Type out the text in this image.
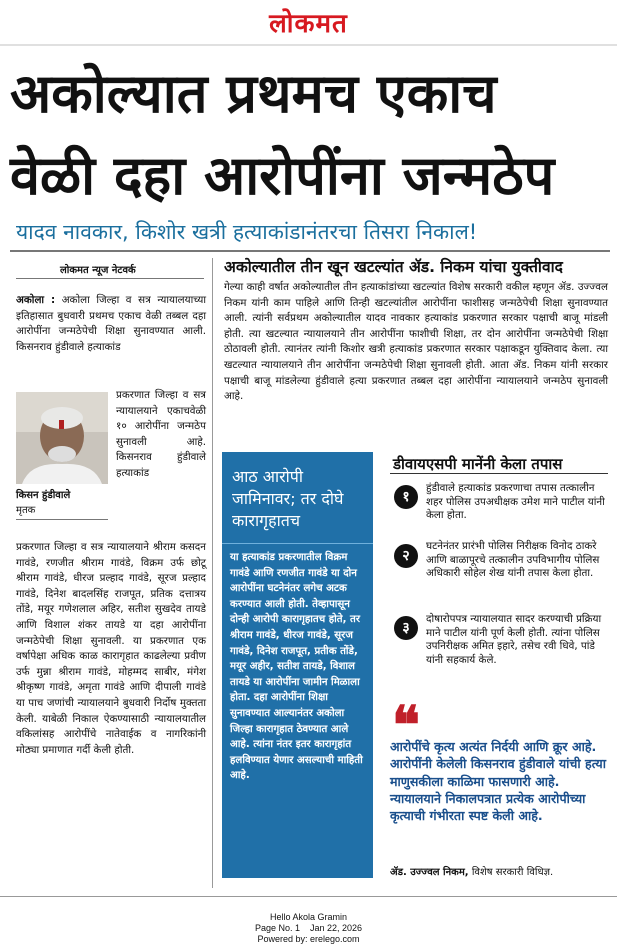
लोकमत
अकोल्यात प्रथमच एकाच
वेळी दहा आरोपींना जन्मठेप
यादव नावकार, किशोर खत्री हत्याकांडानंतरचा तिसरा निकाल!
लोकमत न्यूज नेटवर्क
अकोला : अकोला जिल्हा व सत्र न्यायालयाच्या इतिहासात बुधवारी प्रथमच एकाच वेळी तब्बल दहा आरोपींना जन्मठेपेची शिक्षा सुनावण्यात आली. किसनराव हुंडीवाले हत्याकांड
प्रकरणात जिल्हा व सत्र न्यायालयाने एकाचवेळी १० आरोपींना जन्मठेप सुनावली आहे. किसनराव हुंडीवाले हत्याकांड
किसन हुंडीवाले
मृतक
प्रकरणात जिल्हा व सत्र न्यायालयाने श्रीराम कसदन गावंडे, रणजीत श्रीराम गावंडे, विक्रम उर्फ छोटू श्रीराम गावंडे, धीरज प्रल्हाद गावंडे, सूरज प्रल्हाद गावंडे, दिनेश बादलसिंह राजपूत, प्रतिक दत्तात्रय तोंडे, मयूर गणेशलाल अहिर, सतीश सुखदेव तायडे आणि विशाल शंकर तायडे या दहा आरोपींना जन्मठेपेची शिक्षा सुनावली. या प्रकरणात एक वर्षापेक्षा अधिक काळ कारागृहात काढलेल्या प्रवीण उर्फ मुन्ना श्रीराम गावंडे, मोहम्मद साबीर, मंगेश श्रीकृष्ण गावंडे, अमृता गावंडे आणि दीपाली गावंडे या पाच जणांची न्यायालयाने बुधवारी निर्दोष मुक्तता केली. याबेळी निकाल ऐकण्यासाठी न्यायालयातील वकिलांसह आरोपींचे नातेवाईक व नागरिकांनी मोठ्या प्रमाणात गर्दी केली होती.
अकोल्यातील तीन खून खटल्यांत ॲड. निकम यांचा युक्तीवाद
गेल्या काही वर्षात अकोल्यातील तीन हत्याकांडांच्या खटल्यांत विशेष सरकारी वकील म्हणून ॲड. उज्ज्वल निकम यांनी काम पाहिले आणि तिन्ही खटल्यांतील आरोपींना फाशीसह जन्मठेपेची शिक्षा सुनावण्यात आली. त्यांनी सर्वप्रथम अकोल्यातील यादव नावकार हत्याकांड प्रकरणात सरकार पक्षाची बाजू मांडली होती. त्या खटल्यात न्यायालयाने तीन आरोपींना फाशीची शिक्षा, तर दोन आरोपींना जन्मठेपेची शिक्षा ठोठावली होती. त्यानंतर त्यांनी किशोर खत्री हत्याकांड प्रकरणात सरकार पक्षाकडून युक्तिवाद केला. त्या खटल्यात न्यायालयाने तीन आरोपींना जन्मठेपेची शिक्षा सुनावली होती. आता ॲड. निकम यांनी सरकार पक्षाची बाजू मांडलेल्या हुंडीवाले हत्या प्रकरणात तब्बल दहा आरोपींना न्यायालयाने जन्मठेप सुनावली आहे.
आठ आरोपी जामिनावर; तर दोघे कारागृहातच
या हत्याकांड प्रकरणातील विक्रम गावंडे आणि रणजीत गावंडे या दोन आरोपींना घटनेनंतर लगेच अटक करण्यात आली होती. तेव्हापासून दोन्ही आरोपी कारागृहातच होते, तर श्रीराम गावंडे, धीरज गावंडे, सूरज गावंडे, दिनेश राजपूत, प्रतीक तोंडे, मयूर अहीर, सतीश तायडे, विशाल तायडे या आरोपींना जामीन मिळाला होता. दहा आरोपींना शिक्षा सुनावण्यात आल्यानंतर अकोला जिल्हा कारागृहात ठेवण्यात आले आहे. त्यांना नंतर इतर कारागृहांत हलविण्यात येणार असल्याची माहिती आहे.
डीवायएसपी मानेंनी केला तपास
१
हुंडीवाले हत्याकांड प्रकरणाचा तपास तत्कालीन शहर पोलिस उपअधीक्षक उमेश माने पाटील यांनी केला होता.
२
घटनेनंतर प्रारंभी पोलिस निरीक्षक विनोद ठाकरे आणि बाळापूरचे तत्कालीन उपविभागीय पोलिस अधिकारी सोहेल शेख यांनी तपास केला होता.
३
दोषारोपपत्र न्यायालयात सादर करण्याची प्रक्रिया माने पाटील यांनी पूर्ण केली होती. त्यांना पोलिस उपनिरीक्षक अमित इहारे, तसेच रवी धिवे, पांडे यांनी सहकार्य केले.
❝
आरोपींचे कृत्य अत्यंत निर्दयी आणि क्रूर आहे. आरोपींनी केलेली किसनराव हुंडीवाले यांची हत्या माणुसकीला काळिमा फासणारी आहे. न्यायालयाने निकालपत्रात प्रत्येक आरोपीच्या कृत्याची गंभीरता स्पष्ट केली आहे.
ॲड. उज्ज्वल निकम, विशेष सरकारी विधिज्ञ.
Hello Akola Gramin
Page No. 1    Jan 22, 2026
Powered by: erelego.com
